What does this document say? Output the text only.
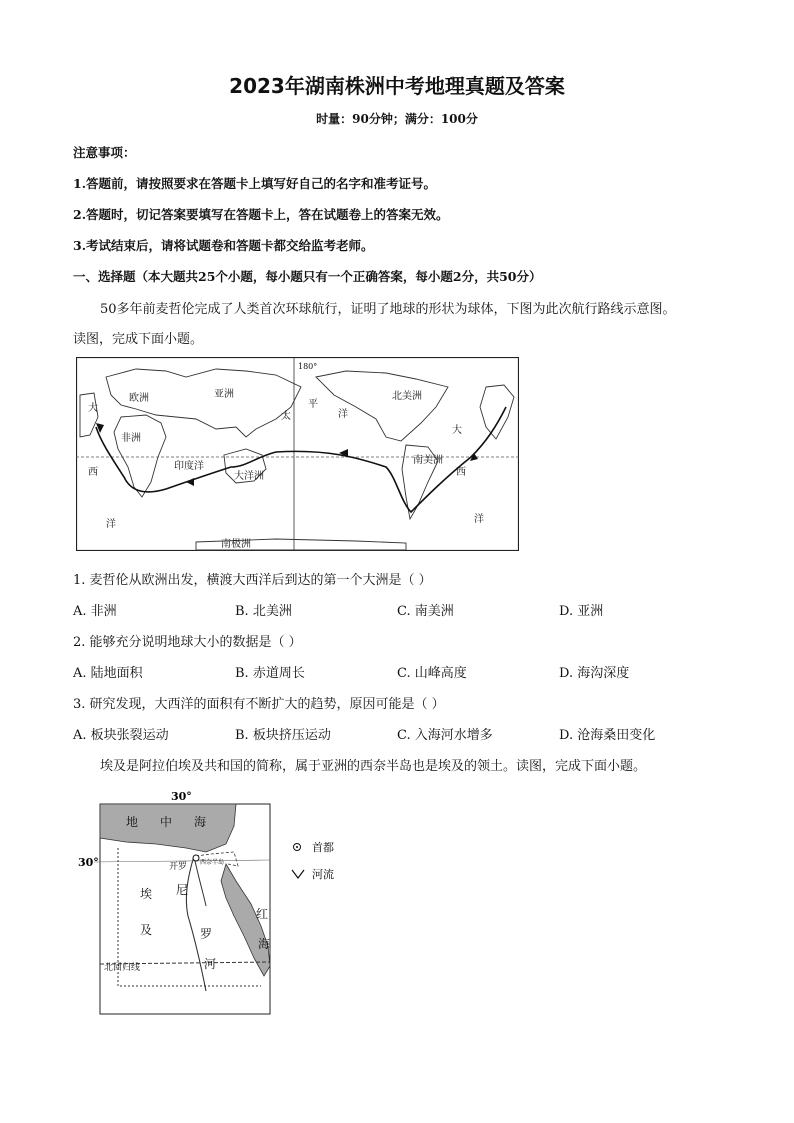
2023年湖南株洲中考地理真题及答案
时量：90分钟；满分：100分
注意事项：
1.答题前，请按照要求在答题卡上填写好自己的名字和准考证号。
2.答题时，切记答案要填写在答题卡上，答在试题卷上的答案无效。
3.考试结束后，请将试题卷和答题卡都交给监考老师。
一、选择题（本大题共25个小题，每小题只有一个正确答案，每小题2分，共50分）
50多年前麦哲伦完成了人类首次环球航行，证明了地球的形状为球体，下图为此次航行路线示意图。
读图，完成下面小题。
欧洲	亚洲
太
平
洋
北美洲
非洲
印度洋
大洋洲
南美洲
南极洲
大
西
洋
大
西
洋
180°
1. 麦哲伦从欧洲出发，横渡大西洋后到达的第一个大洲是（ ）
A. 非洲	B. 北美洲	C. 南美洲	D. 亚洲
2. 能够充分说明地球大小的数据是（ ）
A. 陆地面积	B. 赤道周长	C. 山峰高度	D. 海沟深度
3. 研究发现，大西洋的面积有不断扩大的趋势，原因可能是（ ）
A. 板块张裂运动	B. 板块挤压运动	C. 入海河水增多	D. 沧海桑田变化
埃及是阿拉伯埃及共和国的简称，属于亚洲的西奈半岛也是埃及的领土。读图，完成下面小题。
30°
30°
地 中 海
开罗 西奈半岛
埃
及
尼
罗
河
红
海
北回归线
首都
河流
